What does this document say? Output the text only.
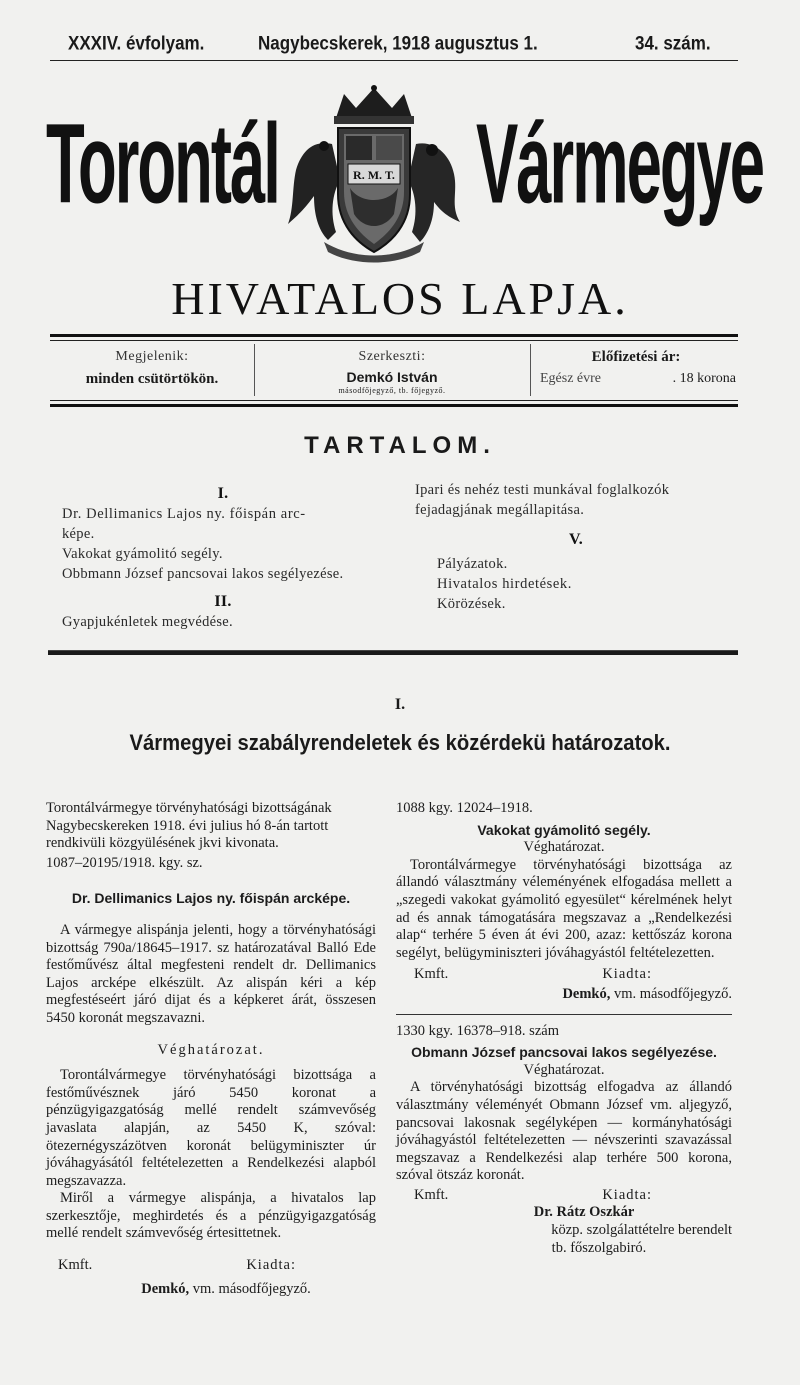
XXXIV. évfolyam.	Nagybecskerek, 1918 augusztus 1.	34. szám.
Torontál Vármegye
R. M. T.
HIVATALOS LAPJA.
Megjelenik:
minden csütörtökön.
Szerkeszti:
Demkó István
másodfőjegyző, tb. főjegyző.
Előfizetési ár:
Egész évre	. 18 korona
TARTALOM.

I.

Dr. Dellimanics Lajos ny. főispán arc-

képe.

Vakokat gyámolitó segély.

Obbmann József pancsovai lakos segélyezése.

II.

Gyapjukénletek megvédése.

Ipari és nehéz testi munkával foglalkozók

fejadagjának megállapitása.

V.

Pályázatok.

Hivatalos hirdetések.

Körözések.

I.
Vármegyei szabályrendeletek és közérdekü határozatok.

Torontálvármegye törvényhatósági bizottságának Nagybecskereken 1918. évi julius hó 8-án tartott rendkivüli közgyülésének jkvi kivonata.

1087–20195/1918. kgy. sz.

Dr. Dellimanics Lajos ny. főispán arcképe.

A vármegye alispánja jelenti, hogy a törvényhatósági bizottság 790a/18645–1917. sz határozatával Balló Ede festőművész által megfesteni rendelt dr. Dellimanics Lajos arcképe elkészült. Az alispán kéri a kép megfestéseért járó dijat és a képkeret árát, összesen 5450 koronát megszavazni.

Véghatározat.

Torontálvármegye törvényhatósági bizottsága a festőművésznek járó 5450 koronat a pénzügyigazgatóság mellé rendelt számvevőség javaslata alapján, az 5450 K, szóval: ötezernégyszázötven koronát belügyminiszter úr jóváhagyásától feltételezetten a Rendelkezési alapból megszavazza.

Miről a vármegye alispánja, a hivatalos lap szerkesztője, meghirdetés és a pénzügyigazgatóság mellé rendelt számvevőség értesittetnek.

Kmft.	Kiadta:

Demkó, vm. másodfőjegyző.

1088 kgy. 12024–1918.

Vakokat gyámolitó segély.

Véghatározat.

Torontálvármegye törvényhatósági bizottsága az állandó választmány véleményének elfogadása mellett a „szegedi vakokat gyámolitó egyesület“ kérelmének helyt ad és annak támogatására megszavaz a „Rendelkezési alap“ terhére 5 éven át évi 200, azaz: kettőszáz korona segélyt, belügyminiszteri jóváhagyástól feltételezetten.

Kmft.	Kiadta:

Demkó, vm. másodfőjegyző.

1330 kgy. 16378–918. szám

Obmann József pancsovai lakos segélyezése.

Véghatározat.

A törvényhatósági bizottság elfogadva az állandó választmány véleményét Obmann József vm. aljegyző, pancsovai lakosnak segélyképen — kormányhatósági jóváhagyástól feltételezetten — névszerinti szavazással megszavaz a Rendelkezési alap terhére 500 korona, szóval ötszáz koronát.

Kmft.	Kiadta:

Dr. Rátz Oszkár

közp. szolgálattételre berendelt

tb. főszolgabiró.
